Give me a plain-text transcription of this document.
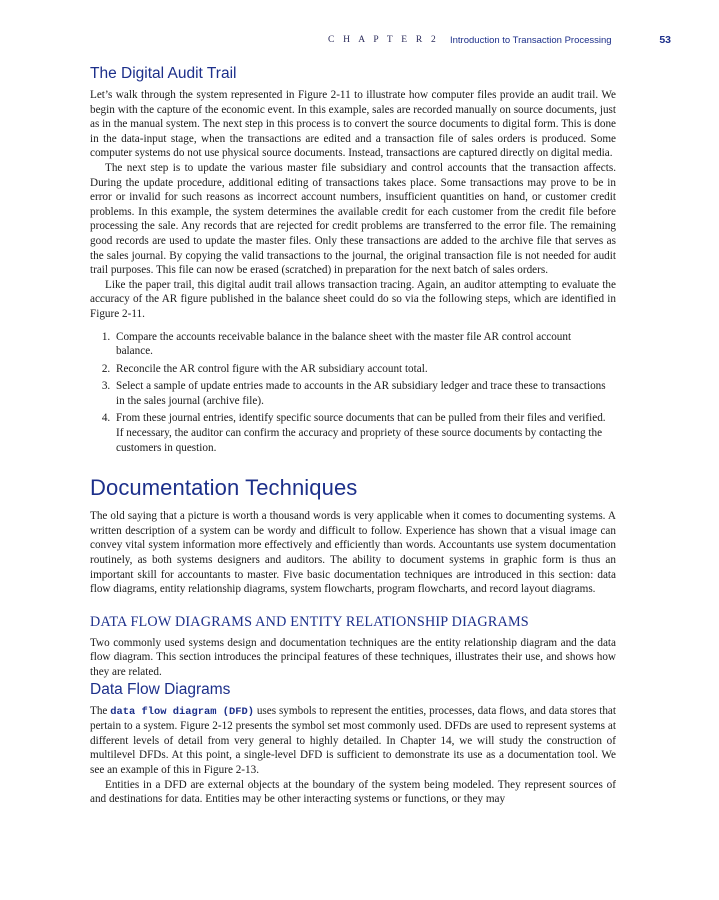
C H A P T E R 2 Introduction to Transaction Processing	53
The Digital Audit Trail

Let’s walk through the system represented in Figure 2-11 to illustrate how computer files provide an audit trail. We begin with the capture of the economic event. In this example, sales are recorded manually on source documents, just as in the manual system. The next step in this process is to convert the source documents to digital form. This is done in the data-input stage, when the transactions are edited and a transaction file of sales orders is produced. Some computer systems do not use physical source documents. Instead, transactions are captured directly on digital media.

The next step is to update the various master file subsidiary and control accounts that the transaction affects. During the update procedure, additional editing of transactions takes place. Some transactions may prove to be in error or invalid for such reasons as incorrect account numbers, insufficient quantities on hand, or customer credit problems. In this example, the system determines the available credit for each customer from the credit file before processing the sale. Any records that are rejected for credit problems are transferred to the error file. The remaining good records are used to update the master files. Only these transactions are added to the archive file that serves as the sales journal. By copying the valid transactions to the journal, the original transaction file is not needed for audit trail purposes. This file can now be erased (scratched) in preparation for the next batch of sales orders.

Like the paper trail, this digital audit trail allows transaction tracing. Again, an auditor attempting to evaluate the accuracy of the AR figure published in the balance sheet could do so via the following steps, which are identified in Figure 2-11.

1. Compare the accounts receivable balance in the balance sheet with the master file AR control account balance.
2. Reconcile the AR control figure with the AR subsidiary account total.
3. Select a sample of update entries made to accounts in the AR subsidiary ledger and trace these to transactions in the sales journal (archive file).
4. From these journal entries, identify specific source documents that can be pulled from their files and verified. If necessary, the auditor can confirm the accuracy and propriety of these source documents by contacting the customers in question.
Documentation Techniques

The old saying that a picture is worth a thousand words is very applicable when it comes to documenting systems. A written description of a system can be wordy and difficult to follow. Experience has shown that a visual image can convey vital system information more effectively and efficiently than words. Accountants use system documentation routinely, as both systems designers and auditors. The ability to document systems in graphic form is thus an important skill for accountants to master. Five basic documentation techniques are introduced in this section: data flow diagrams, entity relationship diagrams, system flowcharts, program flowcharts, and record layout diagrams.

DATA FLOW DIAGRAMS AND ENTITY RELATIONSHIP DIAGRAMS

Two commonly used systems design and documentation techniques are the entity relationship diagram and the data flow diagram. This section introduces the principal features of these techniques, illustrates their use, and shows how they are related.

Data Flow Diagrams

The data flow diagram (DFD) uses symbols to represent the entities, processes, data flows, and data stores that pertain to a system. Figure 2-12 presents the symbol set most commonly used. DFDs are used to represent systems at different levels of detail from very general to highly detailed. In Chapter 14, we will study the construction of multilevel DFDs. At this point, a single-level DFD is sufficient to demonstrate its use as a documentation tool. We see an example of this in Figure 2-13.

Entities in a DFD are external objects at the boundary of the system being modeled. They represent sources of and destinations for data. Entities may be other interacting systems or functions, or they may
